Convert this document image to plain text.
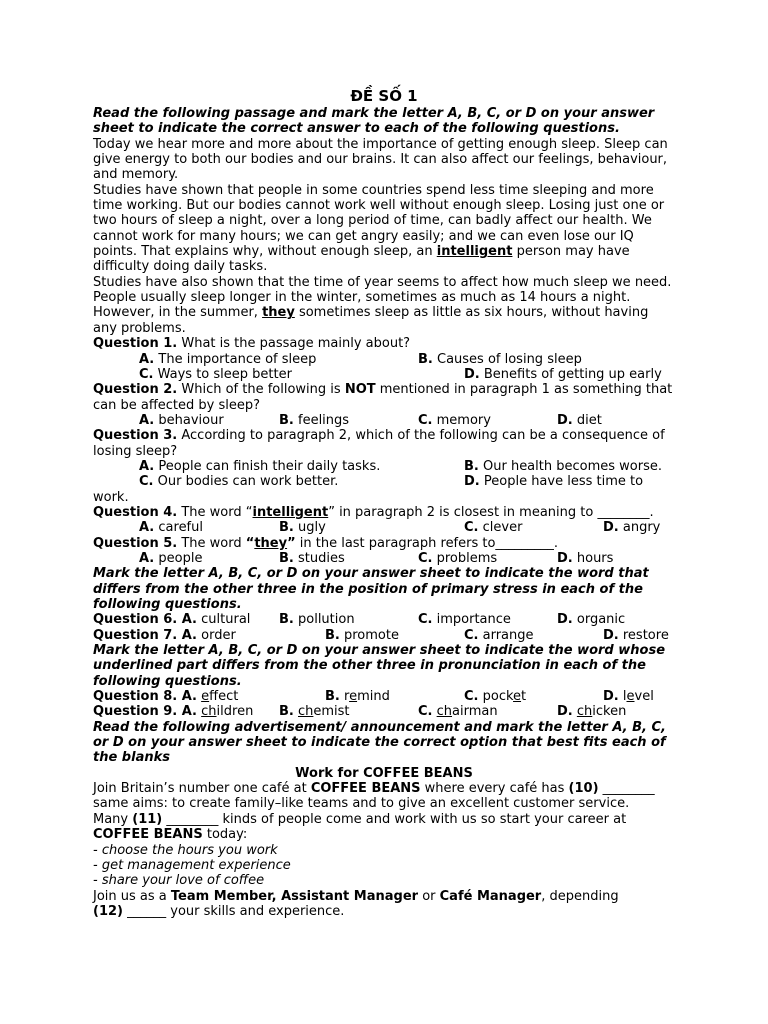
ĐỀ SỐ 1

Read the following passage and mark the letter A, B, C, or D on your answer sheet to indicate the correct answer to each of the following questions.

Today we hear more and more about the importance of getting enough sleep. Sleep can give energy to both our bodies and our brains. It can also affect our feelings, behaviour, and memory.

Studies have shown that people in some countries spend less time sleeping and more time working. But our bodies cannot work well without enough sleep. Losing just one or two hours of sleep a night, over a long period of time, can badly affect our health. We cannot work for many hours; we can get angry easily; and we can even lose our IQ points. That explains why, without enough sleep, an intelligent person may have difficulty doing daily tasks.

Studies have also shown that the time of year seems to affect how much sleep we need. People usually sleep longer in the winter, sometimes as much as 14 hours a night. However, in the summer, they sometimes sleep as little as six hours, without having any problems.

Question 1. What is the passage mainly about?

A. The importance of sleep	B. Causes of losing sleep
C. Ways to sleep better	D. Benefits of getting up early

Question 2. Which of the following is NOT mentioned in paragraph 1 as something that can be affected by sleep?

A. behaviour	B. feelings	C. memory	D. diet

Question 3. According to paragraph 2, which of the following can be a consequence of losing sleep?

A. People can finish their daily tasks.	B. Our health becomes worse.
C. Our bodies can work better.	D. People have less time to

work.

Question 4. The word “intelligent” in paragraph 2 is closest in meaning to ________.

A. careful	B. ugly	C. clever	D. angry

Question 5. The word “they” in the last paragraph refers to_________.

A. people	B. studies	C. problems	D. hours

Mark the letter A, B, C, or D on your answer sheet to indicate the word that differs from the other three in the position of primary stress in each of the following questions.

Question 6. A. cultural B. pollution	C. importance	D. organic
Question 7. A. order	B. promote	C. arrange	D. restore

Mark the letter A, B, C, or D on your answer sheet to indicate the word whose underlined part differs from the other three in pronunciation in each of the following questions.

Question 8. A. effect	B. remind	C. pocket	D. level
Question 9. A. children B. chemist	C. chairman	D. chicken

Read the following advertisement/ announcement and mark the letter A, B, C, or D on your answer sheet to indicate the correct option that best fits each of the blanks

Work for COFFEE BEANS

Join Britain’s number one café at COFFEE BEANS where every café has (10) ________ same aims: to create family–like teams and to give an excellent customer service.

Many (11) ________ kinds of people come and work with us so start your career at COFFEE BEANS today:

- choose the hours you work

- get management experience

- share your love of coffee

Join us as a Team Member, Assistant Manager or Café Manager, depending

(12) ______ your skills and experience.
